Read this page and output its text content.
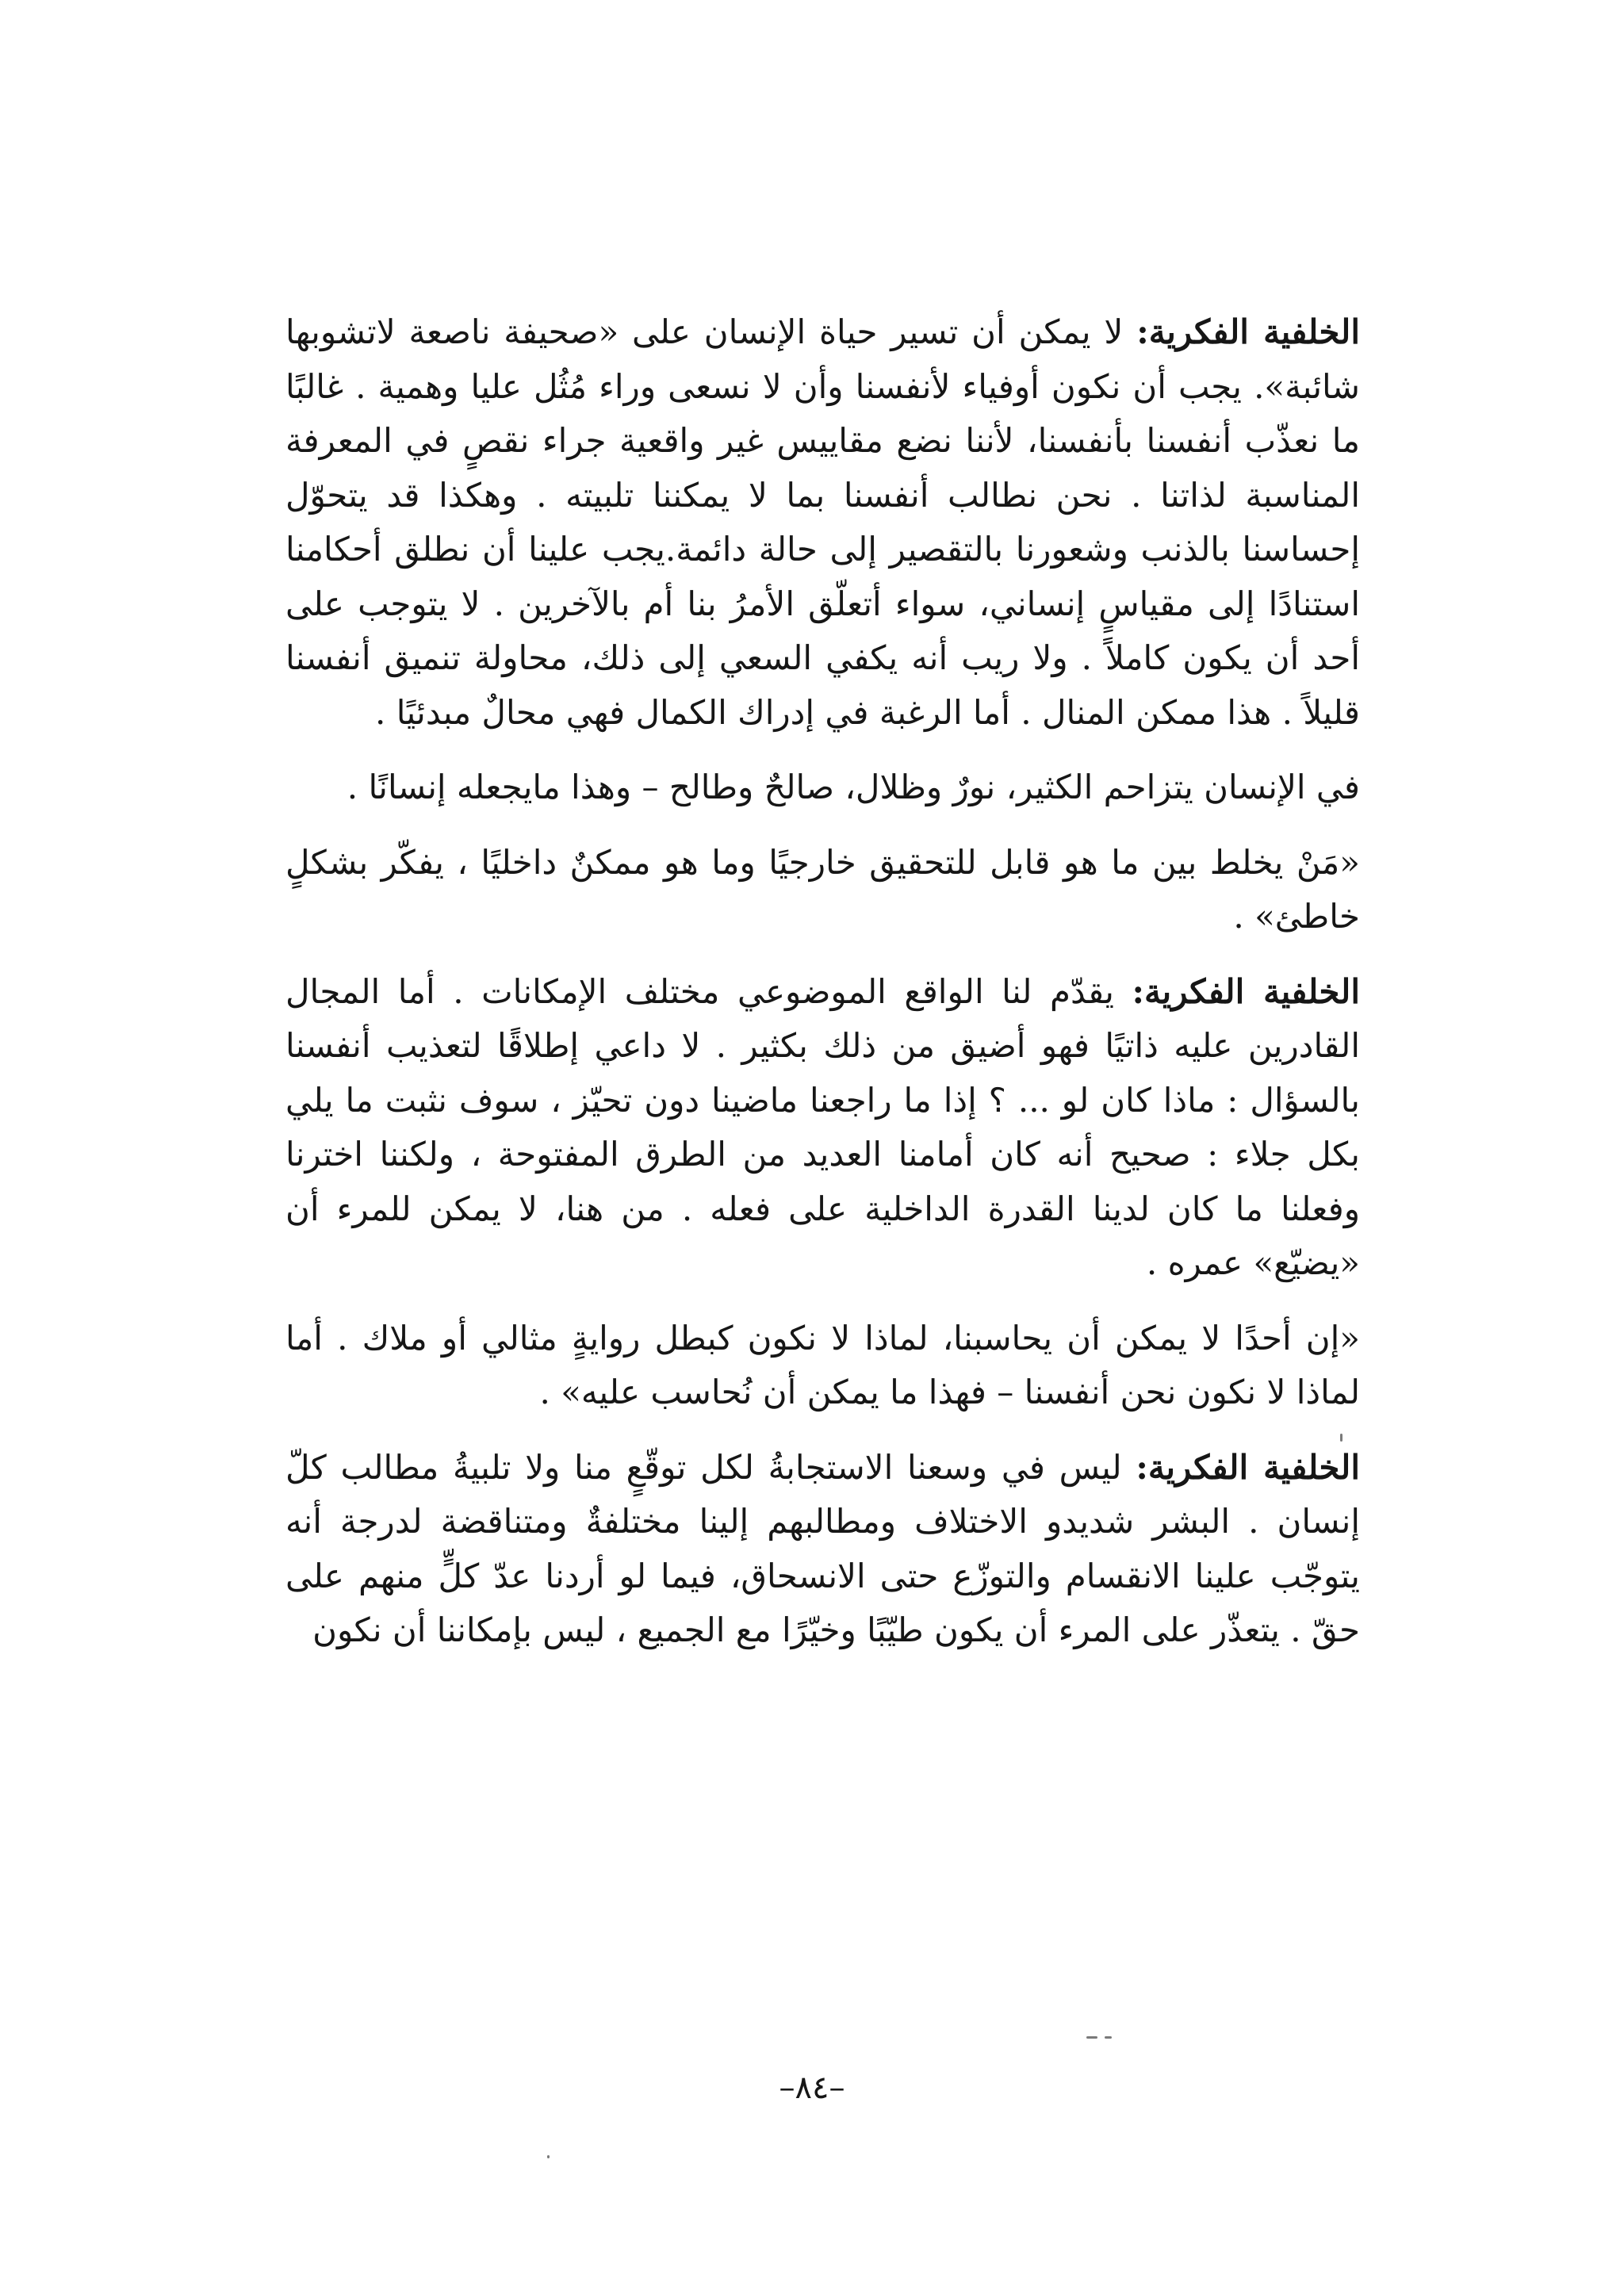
الخلفية الفكرية: لا يمكن أن تسير حياة الإنسان على «صحيفة ناصعة لاتشوبها شائبة». يجب أن نكون أوفياء لأنفسنا وأن لا نسعى وراء مُثُل عليا وهمية . غالبًا ما نعذّب أنفسنا بأنفسنا، لأننا نضع مقاييس غير واقعية جراء نقصٍ في المعرفة المناسبة لذاتنا . نحن نطالب أنفسنا بما لا يمكننا تلبيته . وهكذا قد يتحوّل إحساسنا بالذنب وشعورنا بالتقصير إلى حالة دائمة.يجب علينا أن نطلق أحكامنا استنادًا إلى مقياسٍ إنساني، سواء أتعلّق الأمرُ بنا أم بالآخرين . لا يتوجب على أحد أن يكون كاملاً . ولا ريب أنه يكفي السعي إلى ذلك، محاولة تنميق أنفسنا قليلاً . هذا ممكن المنال . أما الرغبة في إدراك الكمال فهي محالٌ مبدئيًا .

في الإنسان يتزاحم الكثير، نورٌ وظلال، صالحٌ وطالح – وهذا مايجعله إنسانًا .

«مَنْ يخلط بين ما هو قابل للتحقيق خارجيًا وما هو ممكنٌ داخليًا ، يفكّر بشكلٍ خاطئ» .

الخلفية الفكرية: يقدّم لنا الواقع الموضوعي مختلف الإمكانات . أما المجال القادرين عليه ذاتيًا فهو أضيق من ذلك بكثير . لا داعي إطلاقًا لتعذيب أنفسنا بالسؤال : ماذا كان لو ... ؟ إذا ما راجعنا ماضينا دون تحيّز ، سوف نثبت ما يلي بكل جلاء : صحيح أنه كان أمامنا العديد من الطرق المفتوحة ، ولكننا اخترنا وفعلنا ما كان لدينا القدرة الداخلية على فعله . من هنا، لا يمكن للمرء أن «يضيّع» عمره .

«إن أحدًا لا يمكن أن يحاسبنا، لماذا لا نكون كبطل روايةٍ مثالي أو ملاك . أما لماذا لا نكون نحن أنفسنا – فهذا ما يمكن أن نُحاسب عليه» .

الخلفية الفكرية: ليس في وسعنا الاستجابةُ لكل توقّعٍ منا ولا تلبيةُ مطالب كلّ إنسان . البشر شديدو الاختلاف ومطالبهم إلينا مختلفةٌ ومتناقضة لدرجة أنه يتوجّب علينا الانقسام والتوزّع حتى الانسحاق، فيما لو أردنا عدّ كلٍّ منهم على حقّ . يتعذّر على المرء أن يكون طيّبًا وخيّرًا مع الجميع ، ليس بإمكاننا أن نكون

–٨٤–
